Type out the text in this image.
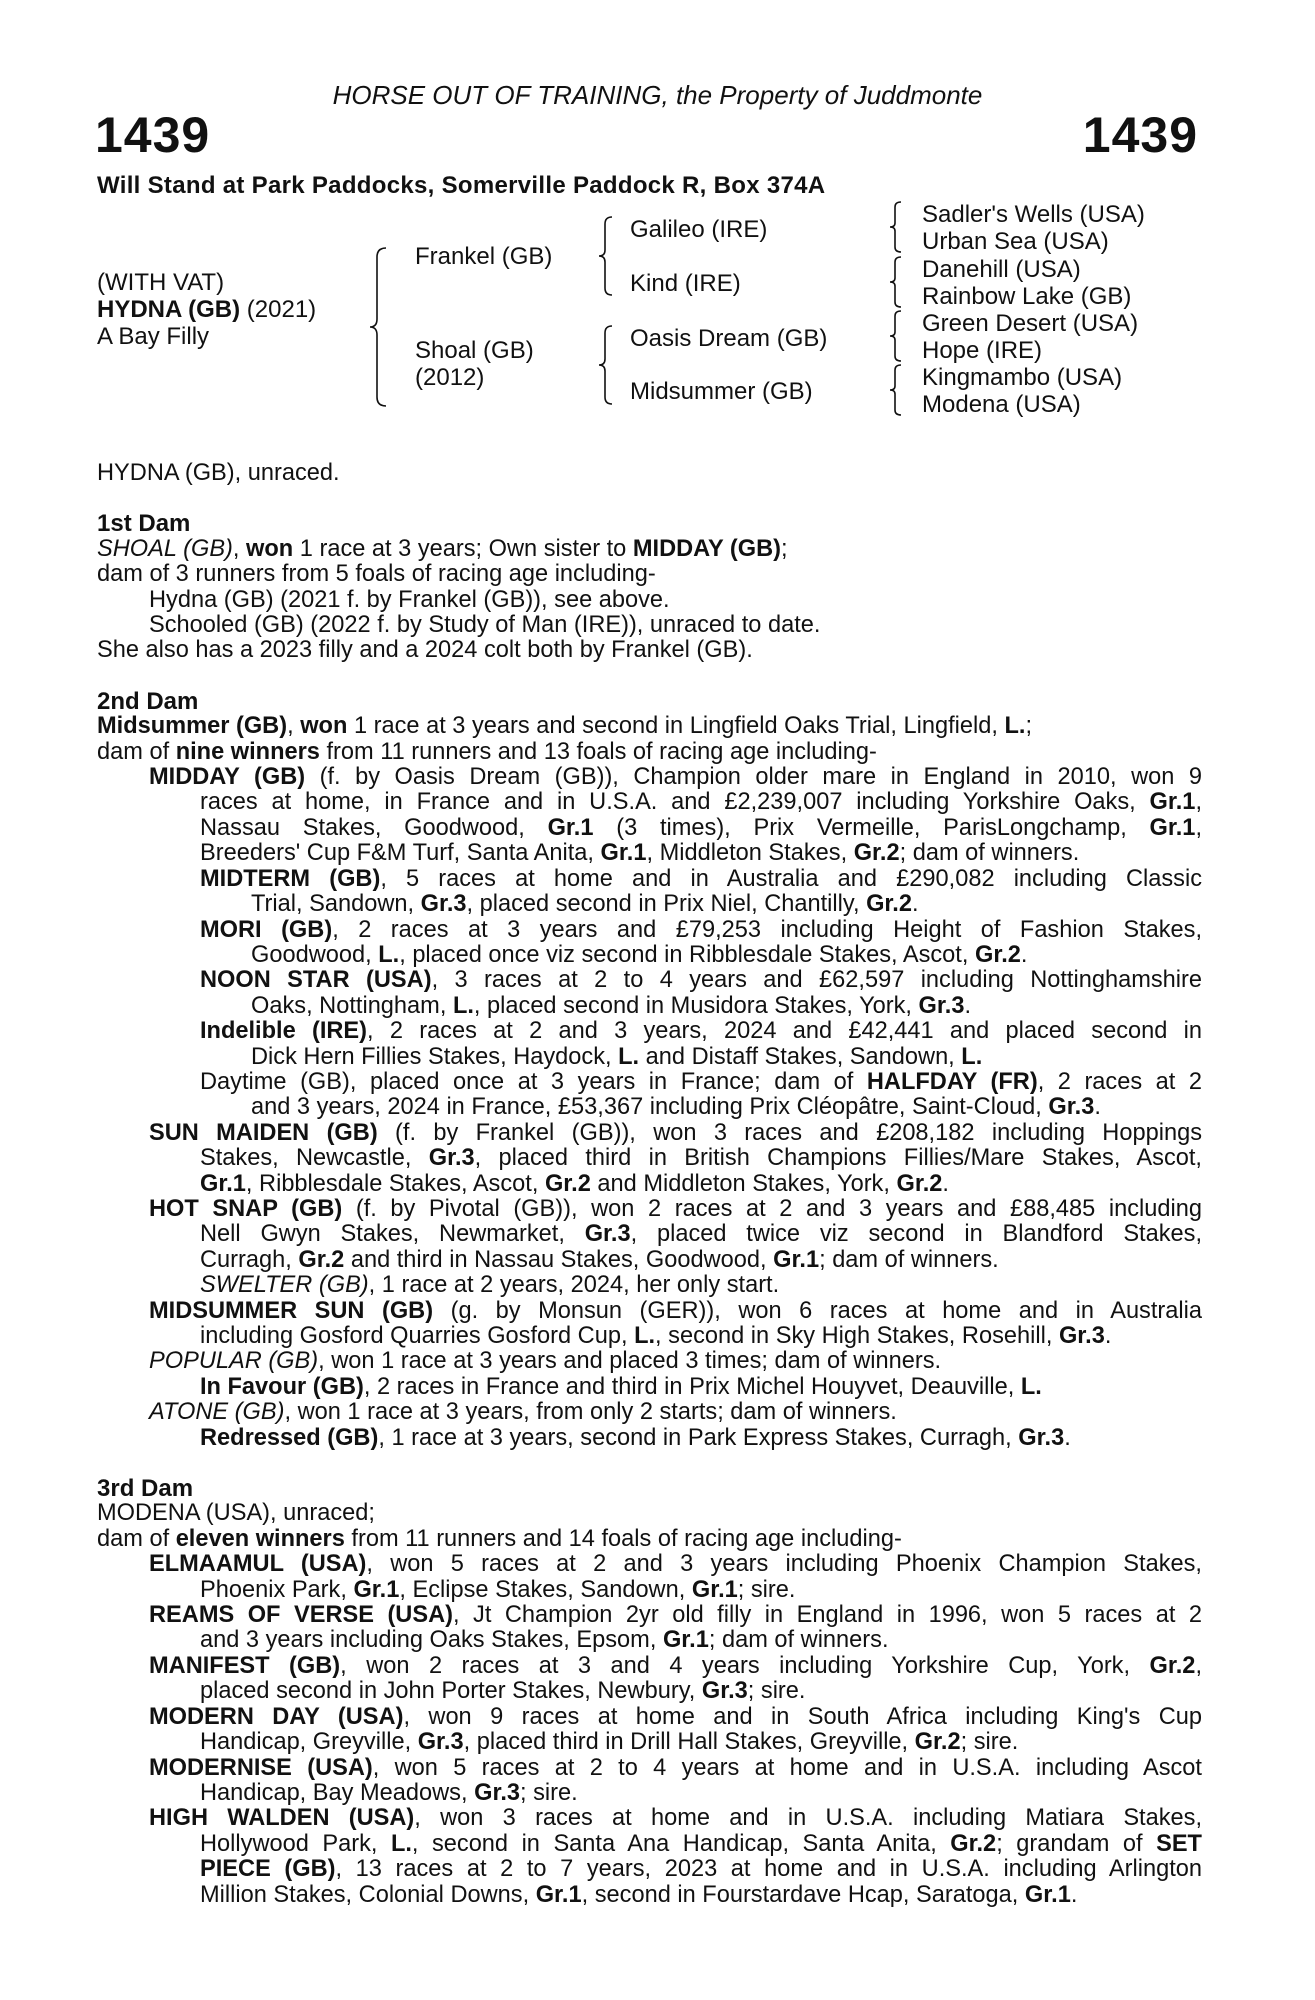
HORSE OUT OF TRAINING, the Property of Juddmonte
1439	1439
Will Stand at Park Paddocks, Somerville Paddock R, Box 374A
(WITH VAT)
HYDNA (GB) (2021)
A Bay Filly
Frankel (GB)
Shoal (GB)
(2012)
Galileo (IRE)
Kind (IRE)
Oasis Dream (GB)
Midsummer (GB)
Sadler's Wells (USA)
Urban Sea (USA)
Danehill (USA)
Rainbow Lake (GB)
Green Desert (USA)
Hope (IRE)
Kingmambo (USA)
Modena (USA)
HYDNA (GB), unraced.
1st Dam
SHOAL (GB), won 1 race at 3 years; Own sister to MIDDAY (GB);
dam of 3 runners from 5 foals of racing age including-
Hydna (GB) (2021 f. by Frankel (GB)), see above.
Schooled (GB) (2022 f. by Study of Man (IRE)), unraced to date.
She also has a 2023 filly and a 2024 colt both by Frankel (GB).
2nd Dam
Midsummer (GB), won 1 race at 3 years and second in Lingfield Oaks Trial, Lingfield, L.;
dam of nine winners from 11 runners and 13 foals of racing age including-
MIDDAY (GB) (f. by Oasis Dream (GB)), Champion older mare in England in 2010, won 9
races at home, in France and in U.S.A. and £2,239,007 including Yorkshire Oaks, Gr.1,
Nassau Stakes, Goodwood, Gr.1 (3 times), Prix Vermeille, ParisLongchamp, Gr.1,
Breeders' Cup F&M Turf, Santa Anita, Gr.1, Middleton Stakes, Gr.2; dam of winners.
MIDTERM (GB), 5 races at home and in Australia and £290,082 including Classic
Trial, Sandown, Gr.3, placed second in Prix Niel, Chantilly, Gr.2.
MORI (GB), 2 races at 3 years and £79,253 including Height of Fashion Stakes,
Goodwood, L., placed once viz second in Ribblesdale Stakes, Ascot, Gr.2.
NOON STAR (USA), 3 races at 2 to 4 years and £62,597 including Nottinghamshire
Oaks, Nottingham, L., placed second in Musidora Stakes, York, Gr.3.
Indelible (IRE), 2 races at 2 and 3 years, 2024 and £42,441 and placed second in
Dick Hern Fillies Stakes, Haydock, L. and Distaff Stakes, Sandown, L.
Daytime (GB), placed once at 3 years in France; dam of HALFDAY (FR), 2 races at 2
and 3 years, 2024 in France, £53,367 including Prix Cléopâtre, Saint-Cloud, Gr.3.
SUN MAIDEN (GB) (f. by Frankel (GB)), won 3 races and £208,182 including Hoppings
Stakes, Newcastle, Gr.3, placed third in British Champions Fillies/Mare Stakes, Ascot,
Gr.1, Ribblesdale Stakes, Ascot, Gr.2 and Middleton Stakes, York, Gr.2.
HOT SNAP (GB) (f. by Pivotal (GB)), won 2 races at 2 and 3 years and £88,485 including
Nell Gwyn Stakes, Newmarket, Gr.3, placed twice viz second in Blandford Stakes,
Curragh, Gr.2 and third in Nassau Stakes, Goodwood, Gr.1; dam of winners.
SWELTER (GB), 1 race at 2 years, 2024, her only start.
MIDSUMMER SUN (GB) (g. by Monsun (GER)), won 6 races at home and in Australia
including Gosford Quarries Gosford Cup, L., second in Sky High Stakes, Rosehill, Gr.3.
POPULAR (GB), won 1 race at 3 years and placed 3 times; dam of winners.
In Favour (GB), 2 races in France and third in Prix Michel Houyvet, Deauville, L.
ATONE (GB), won 1 race at 3 years, from only 2 starts; dam of winners.
Redressed (GB), 1 race at 3 years, second in Park Express Stakes, Curragh, Gr.3.
3rd Dam
MODENA (USA), unraced;
dam of eleven winners from 11 runners and 14 foals of racing age including-
ELMAAMUL (USA), won 5 races at 2 and 3 years including Phoenix Champion Stakes,
Phoenix Park, Gr.1, Eclipse Stakes, Sandown, Gr.1; sire.
REAMS OF VERSE (USA), Jt Champion 2yr old filly in England in 1996, won 5 races at 2
and 3 years including Oaks Stakes, Epsom, Gr.1; dam of winners.
MANIFEST (GB), won 2 races at 3 and 4 years including Yorkshire Cup, York, Gr.2,
placed second in John Porter Stakes, Newbury, Gr.3; sire.
MODERN DAY (USA), won 9 races at home and in South Africa including King's Cup
Handicap, Greyville, Gr.3, placed third in Drill Hall Stakes, Greyville, Gr.2; sire.
MODERNISE (USA), won 5 races at 2 to 4 years at home and in U.S.A. including Ascot
Handicap, Bay Meadows, Gr.3; sire.
HIGH WALDEN (USA), won 3 races at home and in U.S.A. including Matiara Stakes,
Hollywood Park, L., second in Santa Ana Handicap, Santa Anita, Gr.2; grandam of SET
PIECE (GB), 13 races at 2 to 7 years, 2023 at home and in U.S.A. including Arlington
Million Stakes, Colonial Downs, Gr.1, second in Fourstardave Hcap, Saratoga, Gr.1.
